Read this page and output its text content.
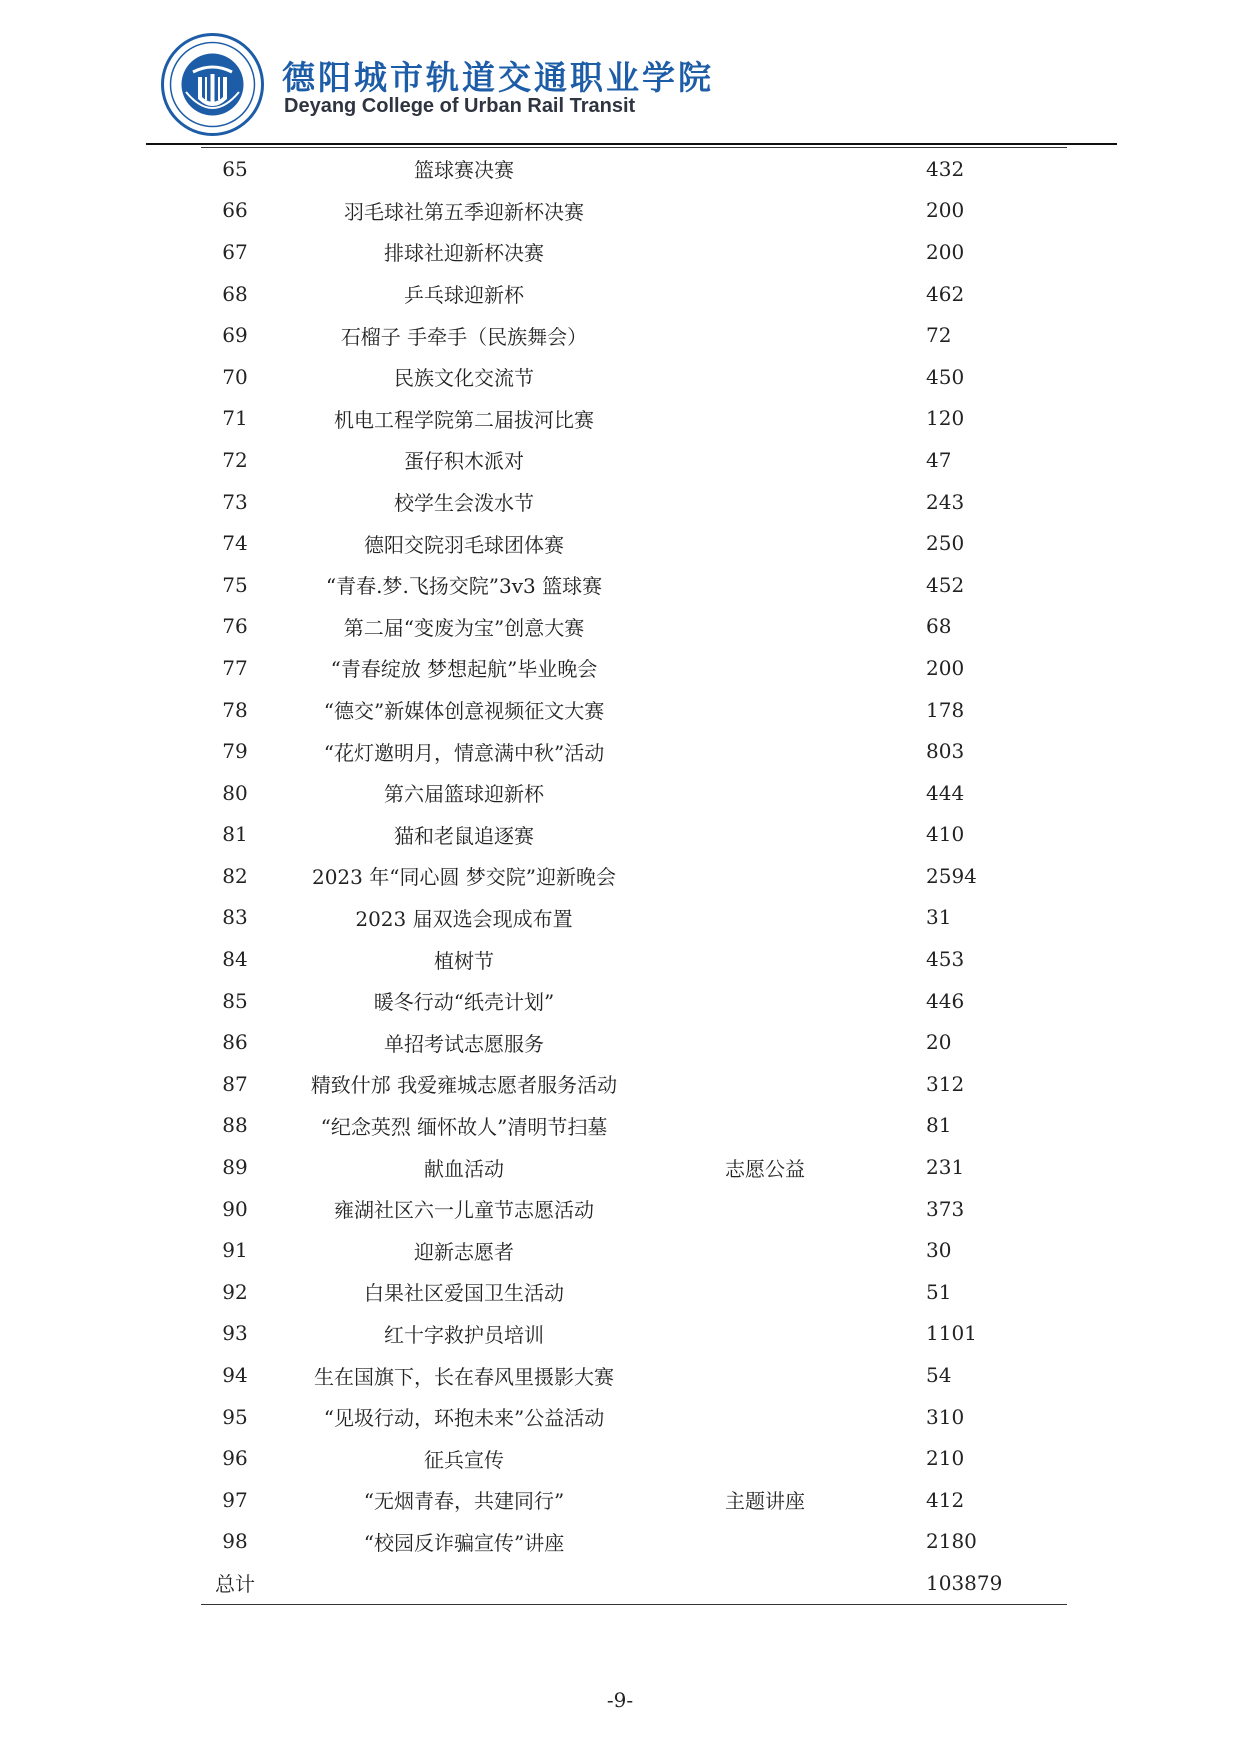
德阳城市轨道交通职业学院
Deyang College of Urban Rail Transit
65	篮球赛决赛		432
66	羽毛球社第五季迎新杯决赛		200
67	排球社迎新杯决赛		200
68	乒乓球迎新杯		462
69	石榴子 手牵手（民族舞会）		72
70	民族文化交流节		450
71	机电工程学院第二届拔河比赛		120
72	蛋仔积木派对		47
73	校学生会泼水节		243
74	德阳交院羽毛球团体赛		250
75	“青春.梦.飞扬交院”3v3 篮球赛		452
76	第二届“变废为宝”创意大赛		68
77	“青春绽放 梦想起航”毕业晚会		200
78	“德交”新媒体创意视频征文大赛		178
79	“花灯邀明月，情意满中秋”活动		803
80	第六届篮球迎新杯		444
81	猫和老鼠追逐赛		410
82	2023 年“同心圆 梦交院”迎新晚会		2594
83	2023 届双选会现成布置		31
84	植树节		453
85	暖冬行动“纸壳计划”		446
86	单招考试志愿服务		20
87	精致什邡 我爱雍城志愿者服务活动		312
88	“纪念英烈 缅怀故人”清明节扫墓		81
89	献血活动	志愿公益	231
90	雍湖社区六一儿童节志愿活动		373
91	迎新志愿者		30
92	白果社区爱国卫生活动		51
93	红十字救护员培训		1101
94	生在国旗下，长在春风里摄影大赛		54
95	“见圾行动，环抱未来”公益活动		310
96	征兵宣传		210
97	“无烟青春，共建同行”	主题讲座	412
98	“校园反诈骗宣传”讲座		2180
总计			103879
-9-
